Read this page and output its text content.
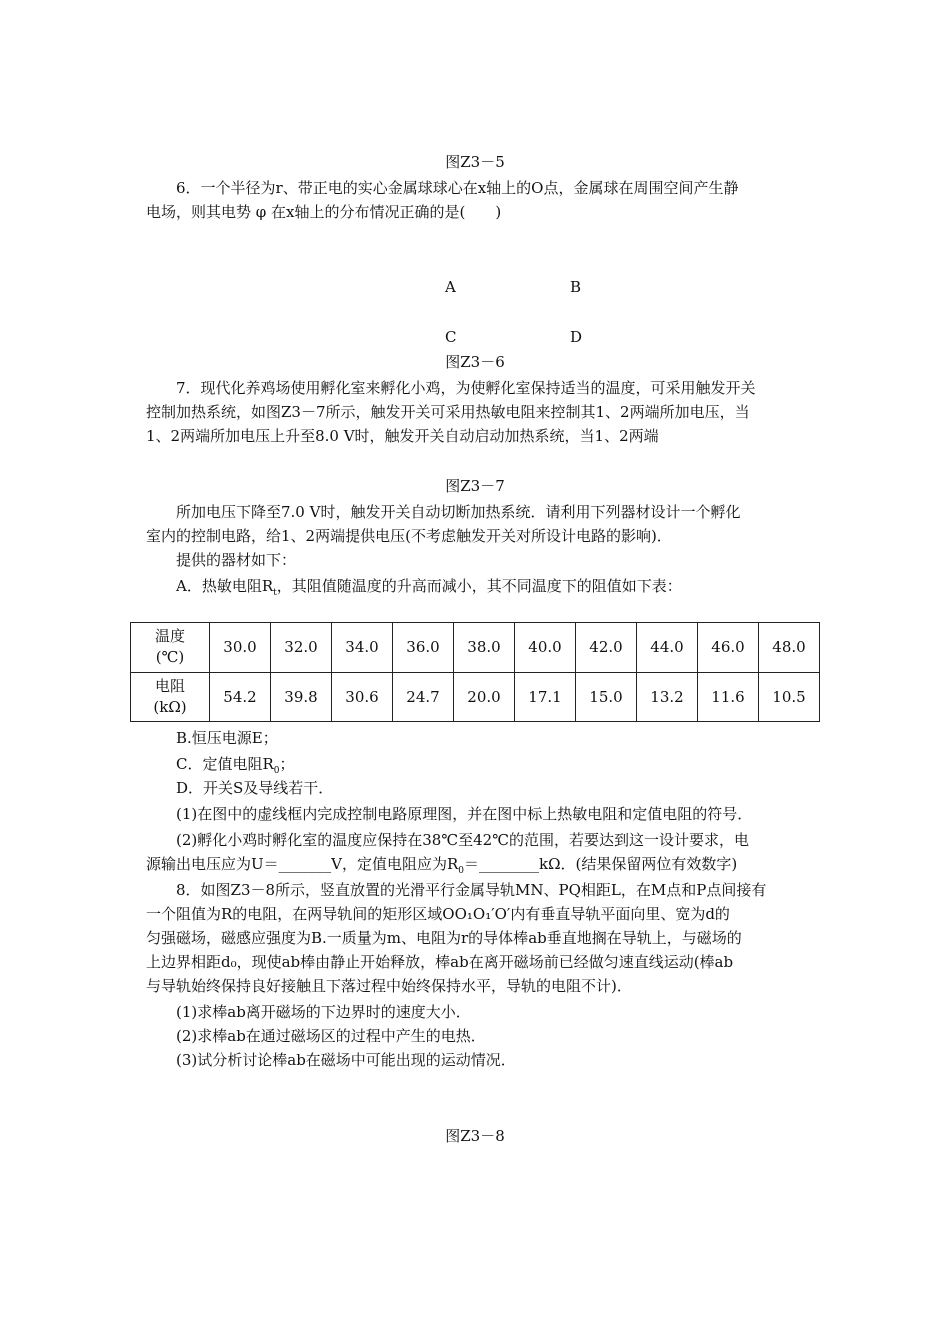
图Z3－5
6．一个半径为r、带正电的实心金属球球心在x轴上的O点，金属球在周围空间产生静
电场，则其电势 φ 在x轴上的分布情况正确的是(　　)
A	B
C	D
图Z3－6
7．现代化养鸡场使用孵化室来孵化小鸡，为使孵化室保持适当的温度，可采用触发开关
控制加热系统，如图Z3－7所示，触发开关可采用热敏电阻来控制其1、2两端所加电压，当
1、2两端所加电压上升至8.0 V时，触发开关自动启动加热系统，当1、2两端
图Z3－7
所加电压下降至7.0 V时，触发开关自动切断加热系统．请利用下列器材设计一个孵化
室内的控制电路，给1、2两端提供电压(不考虑触发开关对所设计电路的影响)．
提供的器材如下：
A．热敏电阻$R_t$，其阻值随温度的升高而减小，其不同温度下的阻值如下表：
温度
(℃)	30.0	32.0	34.0	36.0	38.0	40.0	42.0	44.0	46.0	48.0

电阻
(kΩ)	54.2	39.8	30.6	24.7	20.0	17.1	15.0	13.2	11.6	10.5
B.恒压电源E；
C．定值电阻$R_0$；
D．开关S及导线若干．
(1)在图中的虚线框内完成控制电路原理图，并在图中标上热敏电阻和定值电阻的符号．
(2)孵化小鸡时孵化室的温度应保持在38℃至42℃的范围，若要达到这一设计要求，电
源输出电压应为U＝_______V，定值电阻应为$R_0=\_\_\_\_\_\_\_\_k\Omega$．(结果保留两位有效数字)
8．如图Z3－8所示，竖直放置的光滑平行金属导轨MN、PQ相距L，在M点和P点间接有
一个阻值为R的电阻，在两导轨间的矩形区域OO₁O₁′O′内有垂直导轨平面向里、宽为d的
匀强磁场，磁感应强度为B.一质量为m、电阻为r的导体棒ab垂直地搁在导轨上，与磁场的
上边界相距d₀，现使ab棒由静止开始释放，棒ab在离开磁场前已经做匀速直线运动(棒ab
与导轨始终保持良好接触且下落过程中始终保持水平，导轨的电阻不计)．
(1)求棒ab离开磁场的下边界时的速度大小．
(2)求棒ab在通过磁场区的过程中产生的电热．
(3)试分析讨论棒ab在磁场中可能出现的运动情况．
图Z3－8
